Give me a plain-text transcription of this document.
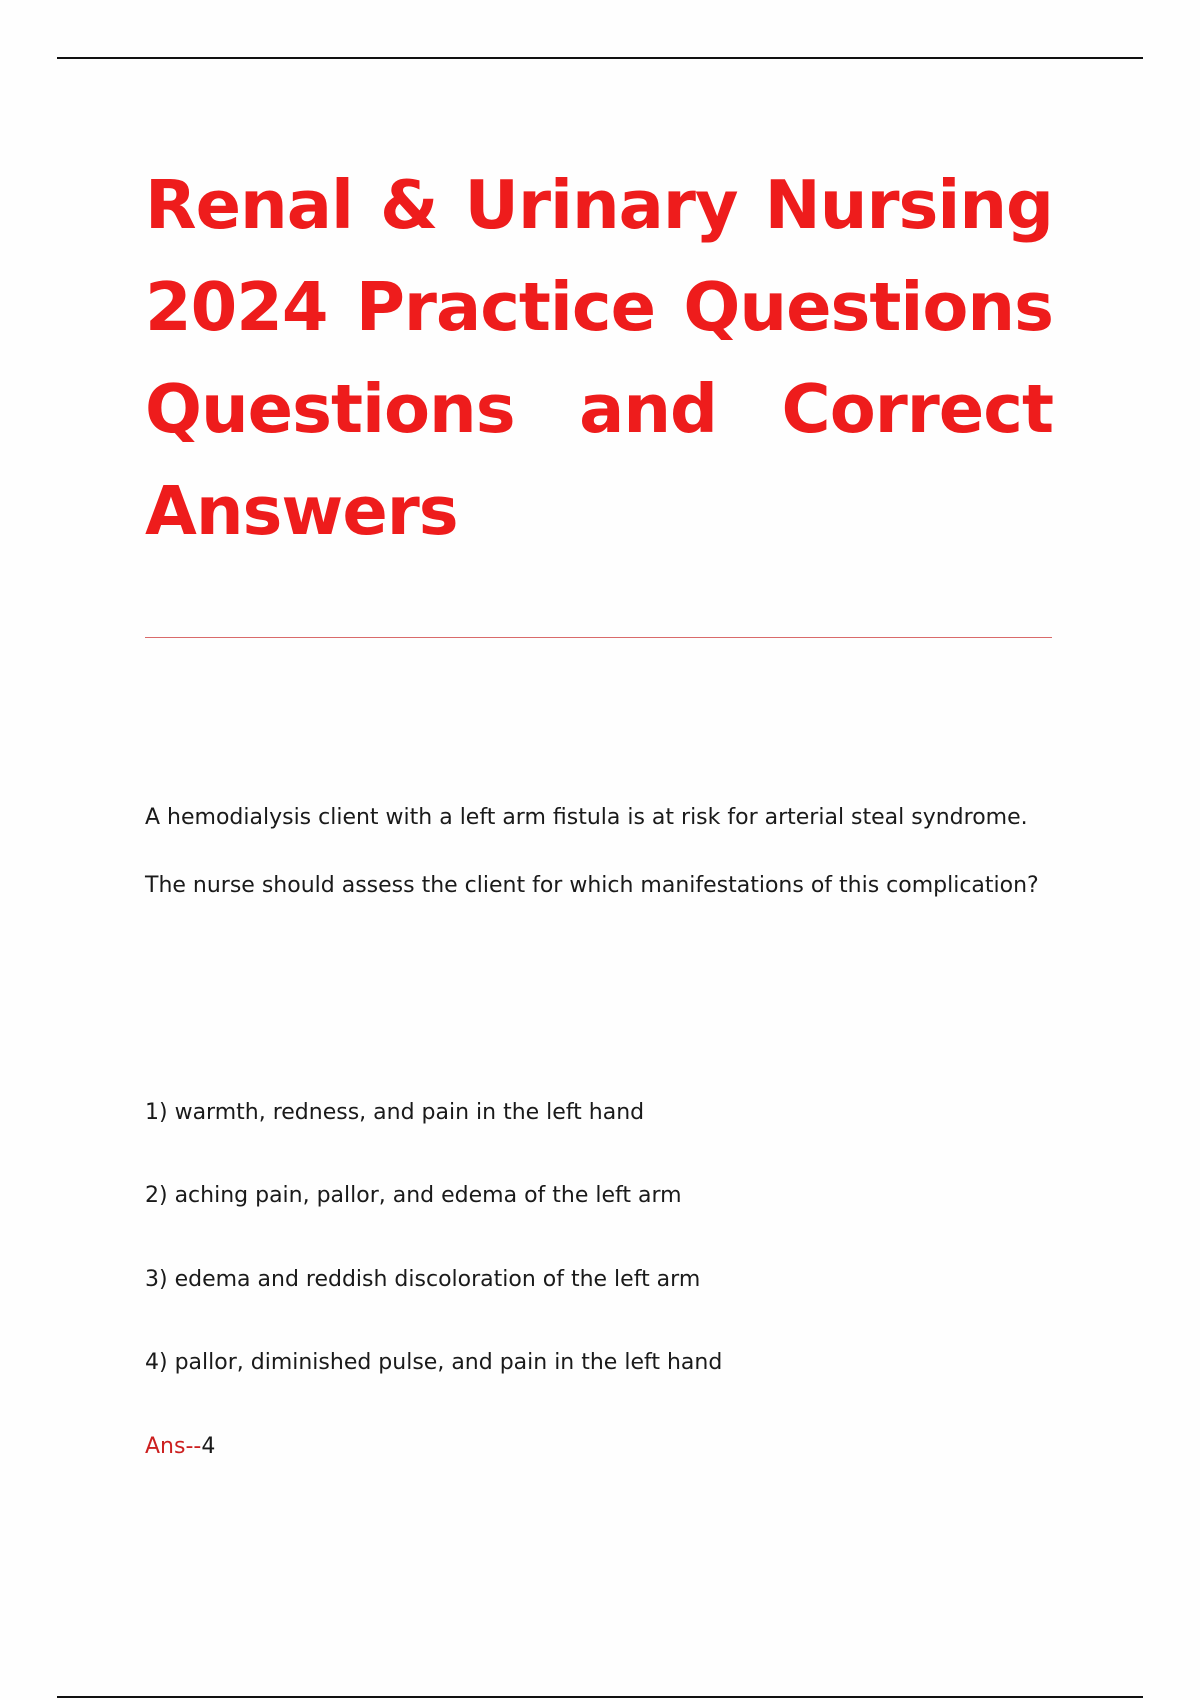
Renal & Urinary Nursing 2024 Practice Questions Questions and Correct Answers

A hemodialysis client with a left arm fistula is at risk for arterial steal syndrome. The nurse should assess the client for which manifestations of this complication?

1) warmth, redness, and pain in the left hand

2) aching pain, pallor, and edema of the left arm

3) edema and reddish discoloration of the left arm

4) pallor, diminished pulse, and pain in the left hand

Ans--4
